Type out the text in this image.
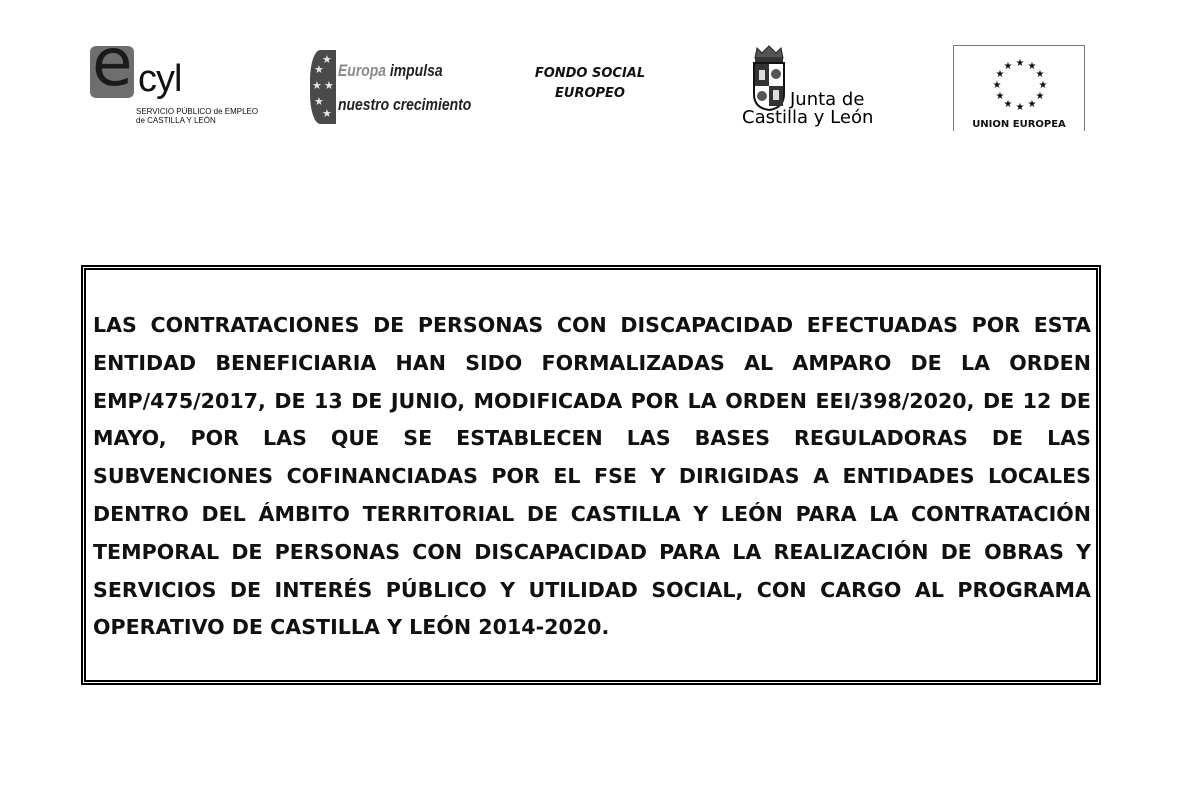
e cyl
SERVICIO PÚBLICO de EMPLEO
de CASTILLA Y LEÓN
★
★
★
★
★
★
Europa impulsa
nuestro crecimiento
FONDO SOCIAL
EUROPEO	Junta de
Castilla y León
★ ★
★
★
★
★
★
★
★
★
★
★
UNION EUROPEA

LAS CONTRATACIONES DE PERSONAS CON DISCAPACIDAD EFECTUADAS POR ESTA ENTIDAD BENEFICIARIA HAN SIDO FORMALIZADAS AL AMPARO DE LA ORDEN EMP/475/2017, DE 13 DE JUNIO, MODIFICADA POR LA ORDEN EEI/398/2020, DE 12 DE MAYO, POR LAS QUE SE ESTABLECEN LAS BASES REGULADORAS DE LAS SUBVENCIONES COFINANCIADAS POR EL FSE Y DIRIGIDAS A ENTIDADES LOCALES DENTRO DEL ÁMBITO TERRITORIAL DE CASTILLA Y LEÓN PARA LA CONTRATACIÓN TEMPORAL DE PERSONAS CON DISCAPACIDAD PARA LA REALIZACIÓN DE OBRAS Y SERVICIOS DE INTERÉS PÚBLICO Y UTILIDAD SOCIAL, CON CARGO AL PROGRAMA OPERATIVO DE CASTILLA Y LEÓN 2014-2020.
